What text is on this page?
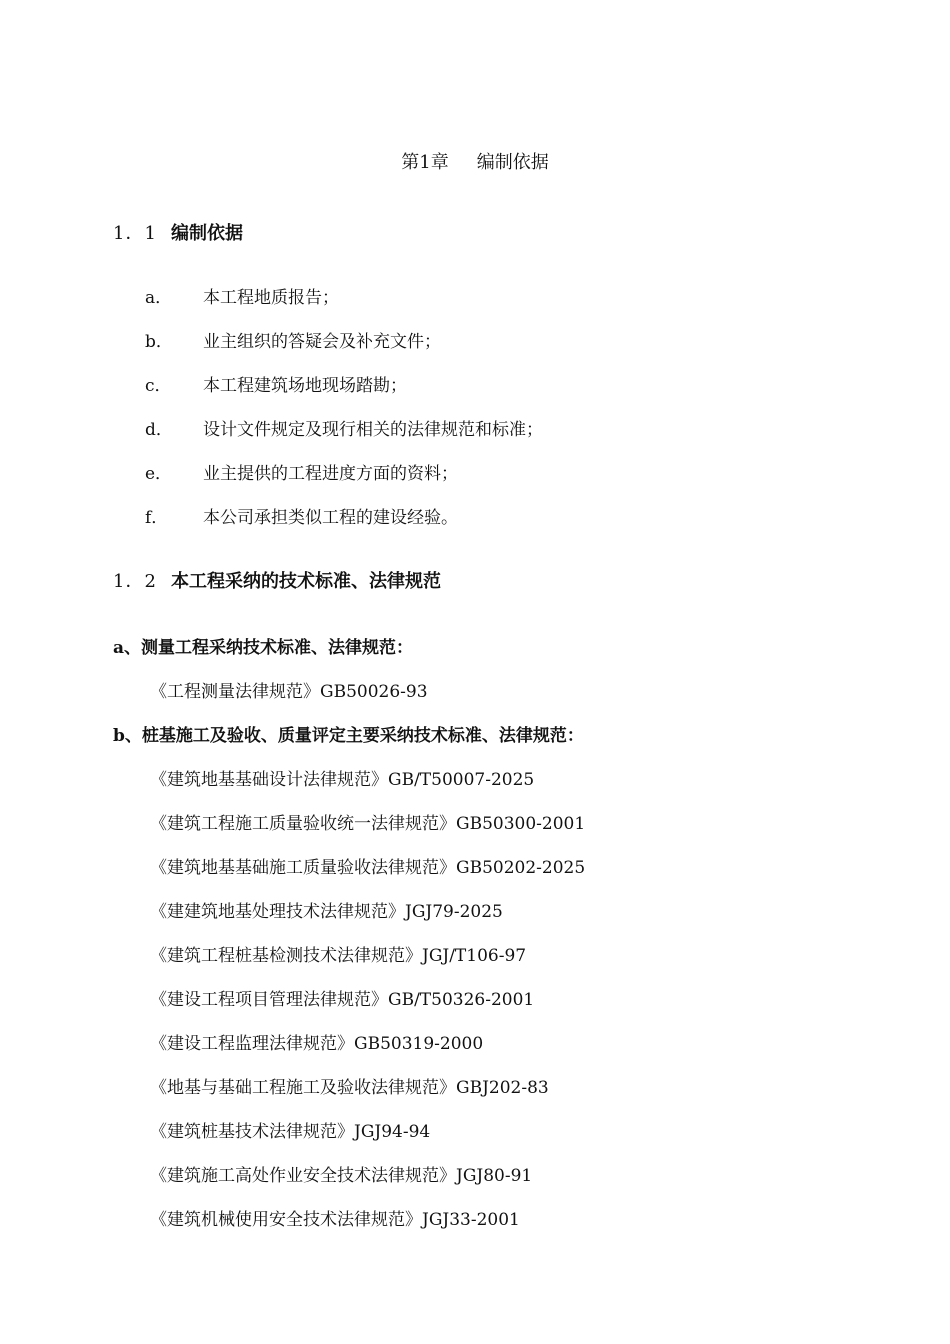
第1章 编制依据
1．1 编制依据
a． 本工程地质报告；
b． 业主组织的答疑会及补充文件；
c． 本工程建筑场地现场踏勘；
d． 设计文件规定及现行相关的法律规范和标准；
e． 业主提供的工程进度方面的资料；
f． 本公司承担类似工程的建设经验。
1．2 本工程采纳的技术标准、法律规范
a、测量工程采纳技术标准、法律规范：
《工程测量法律规范》GB50026-93
b、桩基施工及验收、质量评定主要采纳技术标准、法律规范：
《建筑地基基础设计法律规范》GB/T50007-2025
《建筑工程施工质量验收统一法律规范》GB50300-2001
《建筑地基基础施工质量验收法律规范》GB50202-2025
《建建筑地基处理技术法律规范》JGJ79-2025
《建筑工程桩基检测技术法律规范》JGJ/T106-97
《建设工程项目管理法律规范》GB/T50326-2001
《建设工程监理法律规范》GB50319-2000
《地基与基础工程施工及验收法律规范》GBJ202-83
《建筑桩基技术法律规范》JGJ94-94
《建筑施工高处作业安全技术法律规范》JGJ80-91
《建筑机械使用安全技术法律规范》JGJ33-2001
